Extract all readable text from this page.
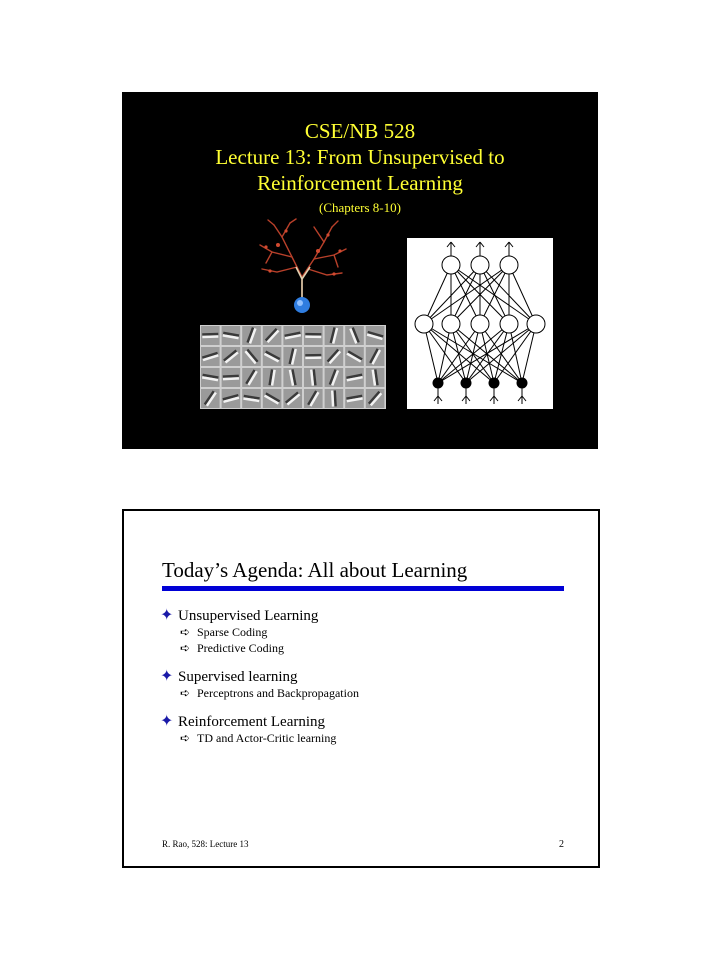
CSE/NB 528
Lecture 13: From Unsupervised to
Reinforcement Learning
(Chapters 8-10)
Today’s Agenda: All about Learning
✦ Unsupervised Learning
➪ Sparse Coding
➪ Predictive Coding
✦ Supervised learning
➪ Perceptrons and Backpropagation
✦ Reinforcement Learning
➪ TD and Actor-Critic learning
R. Rao, 528: Lecture 13	2
